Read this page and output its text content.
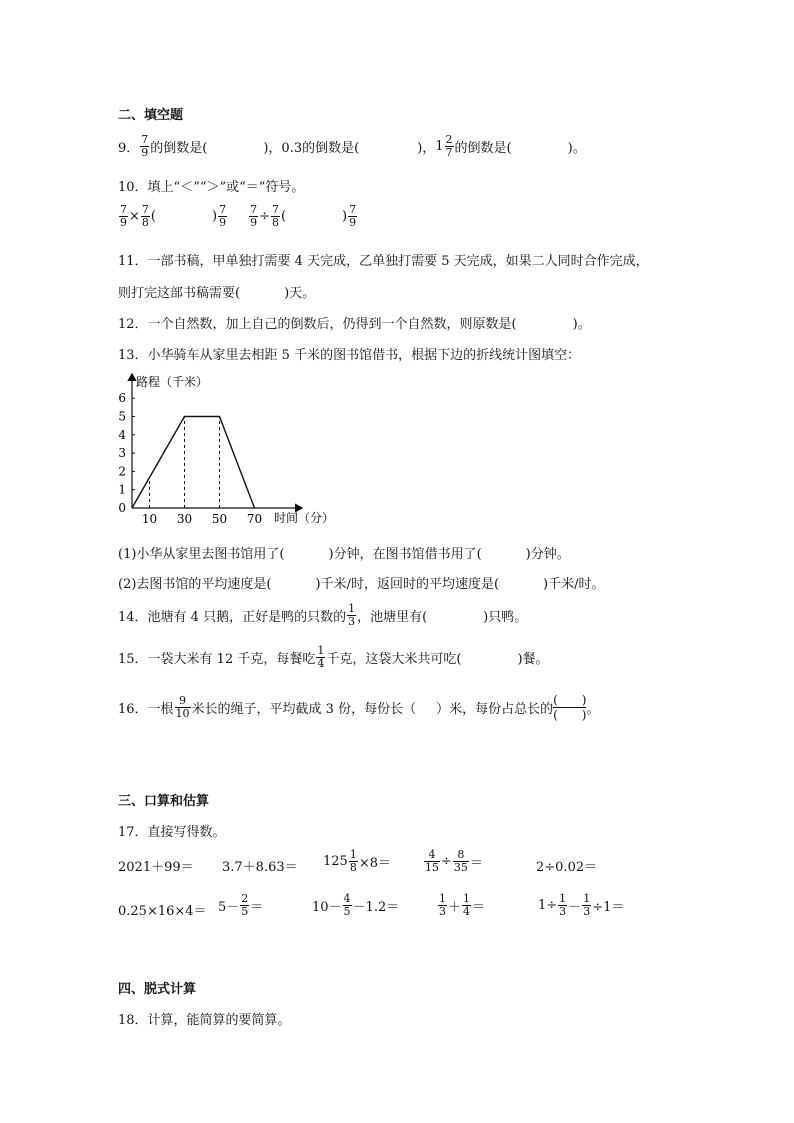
二、填空题
9． $\frac{7}{9}$ 的倒数是(	)，0.3的倒数是(	)， $1 \frac{2}{7}$ 的倒数是(	)。
10．填上“＜”“＞”或“＝”符号。
$\frac{7}{9} \times \frac{7}{8}$ (	) $\frac{7}{9} \frac{7}{9} \div \frac{7}{8}$ (	) $\frac{7}{9}$
11．一部书稿，甲单独打需要 4 天完成，乙单独打需要 5 天完成，如果二人同时合作完成，
则打完这部书稿需要(	)天。
12．一个自然数，加上自己的倒数后，仍得到一个自然数，则原数是(	)。
13．小华骑车从家里去相距 5 千米的图书馆借书，根据下边的折线统计图填空：
0
1
2
3
4
5
6
10 30 50 70
路程（千米）
时间（分）
(1)小华从家里去图书馆用了(	)分钟，在图书馆借书用了(	)分钟。
(2)去图书馆的平均速度是(	)千米/时，返回时的平均速度是(	)千米/时。
14．池塘有 4 只鹅，正好是鸭的只数的 $\frac{1}{3}$ ，池塘里有(	)只鸭。
15．一袋大米有 12 千克，每餐吃 $\frac{1}{4}$ 千克，这袋大米共可吃(	)餐。
16．一根 $\frac{9}{10}$ 米长的绳子，平均截成 3 份，每份长（ ）米，每份占总长的 $\frac{( )}{( )}$ 。
三、口算和估算
17．直接写得数。
$2021+99= 3.7+8.63= 125 \frac{1}{8} \times 8=$	$\frac{4}{15} \div \frac{8}{35}$ ＝	2÷0.02＝
$0.25\times 16\times 4= 5- \frac{2}{5}$ ＝	$10- \frac{4}{5} -1.2=$	$\frac{1}{3} + \frac{1}{4}$ ＝	$1\div \frac{1}{3} - \frac{1}{3} \div 1=$
四、脱式计算
18．计算，能简算的要简算。
